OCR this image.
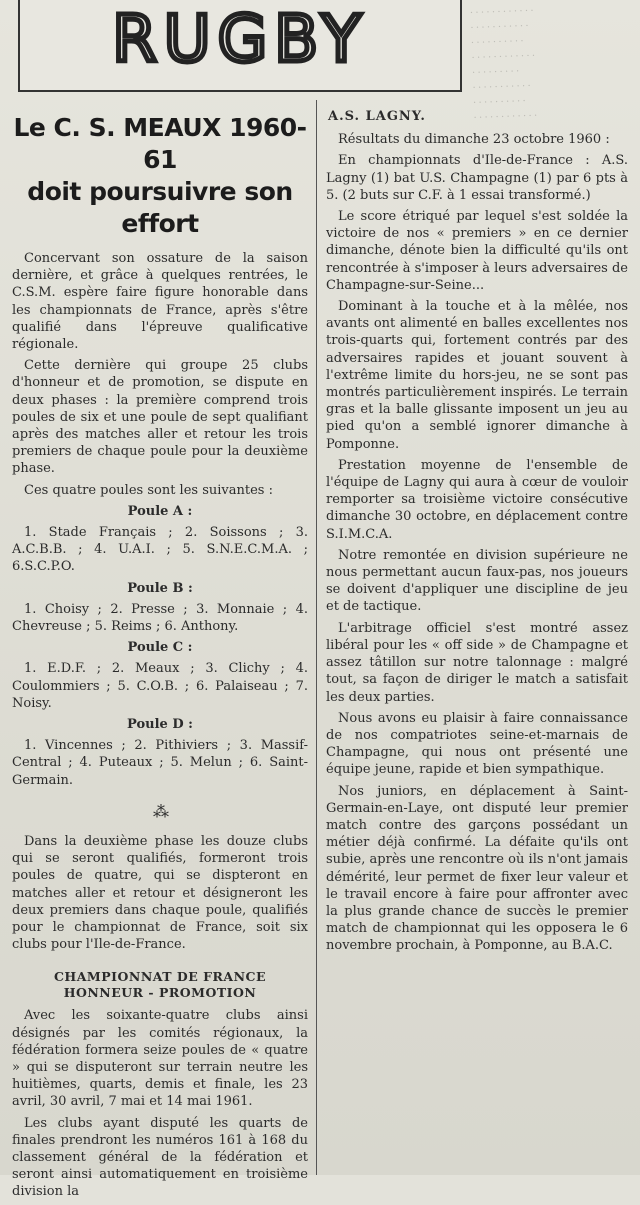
. . . . . . . . . . . .
. . . . . . . . . . .
. . . . . . . . . .
. . . . . . . . . . . .
. . . . . . . . .
. . . . . . . . . . .
. . . . . . . . . .
. . . . . . . . . . . .
RUGBY
Le C. S. MEAUX 1960-61
doit poursuivre son effort

Concervant son ossature de la saison dernière, et grâce à quelques rentrées, le C.S.M. espère faire figure honorable dans les championnats de France, après s'être qualifié dans l'épreuve qualificative régionale.

Cette dernière qui groupe 25 clubs d'honneur et de promotion, se dispute en deux phases : la première comprend trois poules de six et une poule de sept qualifiant après des matches aller et retour les trois premiers de chaque poule pour la deuxième phase.

Ces quatre poules sont les suivantes :

Poule A :

1. Stade Français ; 2. Soissons ; 3. A.C.B.B. ; 4. U.A.I. ; 5. S.N.E.C.M.A. ; 6.S.C.P.O.

Poule B :

1. Choisy ; 2. Presse ; 3. Monnaie ; 4. Chevreuse ; 5. Reims ; 6. Anthony.

Poule C :

1. E.D.F. ; 2. Meaux ; 3. Clichy ; 4. Coulommiers ; 5. C.O.B. ; 6. Palaiseau ; 7. Noisy.

Poule D :

1. Vincennes ; 2. Pithiviers ; 3. Massif-Central ; 4. Puteaux ; 5. Melun ; 6. Saint-Germain.

⁂

Dans la deuxième phase les douze clubs qui se seront qualifiés, formeront trois poules de quatre, qui se dispteront en matches aller et retour et désigneront les deux premiers dans chaque poule, qualifiés pour le championnat de France, soit six clubs pour l'Ile-de-France.

CHAMPIONNAT DE FRANCE
HONNEUR - PROMOTION

Avec les soixante-quatre clubs ainsi désignés par les comités régionaux, la fédération formera seize poules de « quatre » qui se disputeront sur terrain neutre les huitièmes, quarts, demis et finale, les 23 avril, 30 avril, 7 mai et 14 mai 1961.

Les clubs ayant disputé les quarts de finales prendront les numéros 161 à 168 du classement général de la fédération et seront ainsi automatiquement en troisième division la

A.S. LAGNY.

Résultats du dimanche 23 octobre 1960 :

En championnats d'Ile-de-France : A.S. Lagny (1) bat U.S. Champagne (1) par 6 pts à 5. (2 buts sur C.F. à 1 essai transformé.)

Le score étriqué par lequel s'est soldée la victoire de nos « premiers » en ce dernier dimanche, dénote bien la difficulté qu'ils ont rencontrée à s'imposer à leurs adversaires de Champagne-sur-Seine...

Dominant à la touche et à la mêlée, nos avants ont alimenté en balles excellentes nos trois-quarts qui, fortement contrés par des adversaires rapides et jouant souvent à l'extrême limite du hors-jeu, ne se sont pas montrés particulièrement inspirés. Le terrain gras et la balle glissante imposent un jeu au pied qu'on a semblé ignorer dimanche à Pomponne.

Prestation moyenne de l'ensemble de l'équipe de Lagny qui aura à cœur de vouloir remporter sa troisième victoire consécutive dimanche 30 octobre, en déplacement contre S.I.M.C.A.

Notre remontée en division supérieure ne nous permettant aucun faux-pas, nos joueurs se doivent d'appliquer une discipline de jeu et de tactique.

L'arbitrage officiel s'est montré assez libéral pour les « off side » de Champagne et assez tâtillon sur notre talonnage : malgré tout, sa façon de diriger le match a satisfait les deux parties.

Nous avons eu plaisir à faire connaissance de nos compatriotes seine-et-marnais de Champagne, qui nous ont présenté une équipe jeune, rapide et bien sympathique.

Nos juniors, en déplacement à Saint-Germain-en-Laye, ont disputé leur premier match contre des garçons possédant un métier déjà confirmé. La défaite qu'ils ont subie, après une rencontre où ils n'ont jamais démérité, leur permet de fixer leur valeur et le travail encore à faire pour affronter avec la plus grande chance de succès le premier match de championnat qui les opposera le 6 novembre prochain, à Pomponne, au B.A.C.
